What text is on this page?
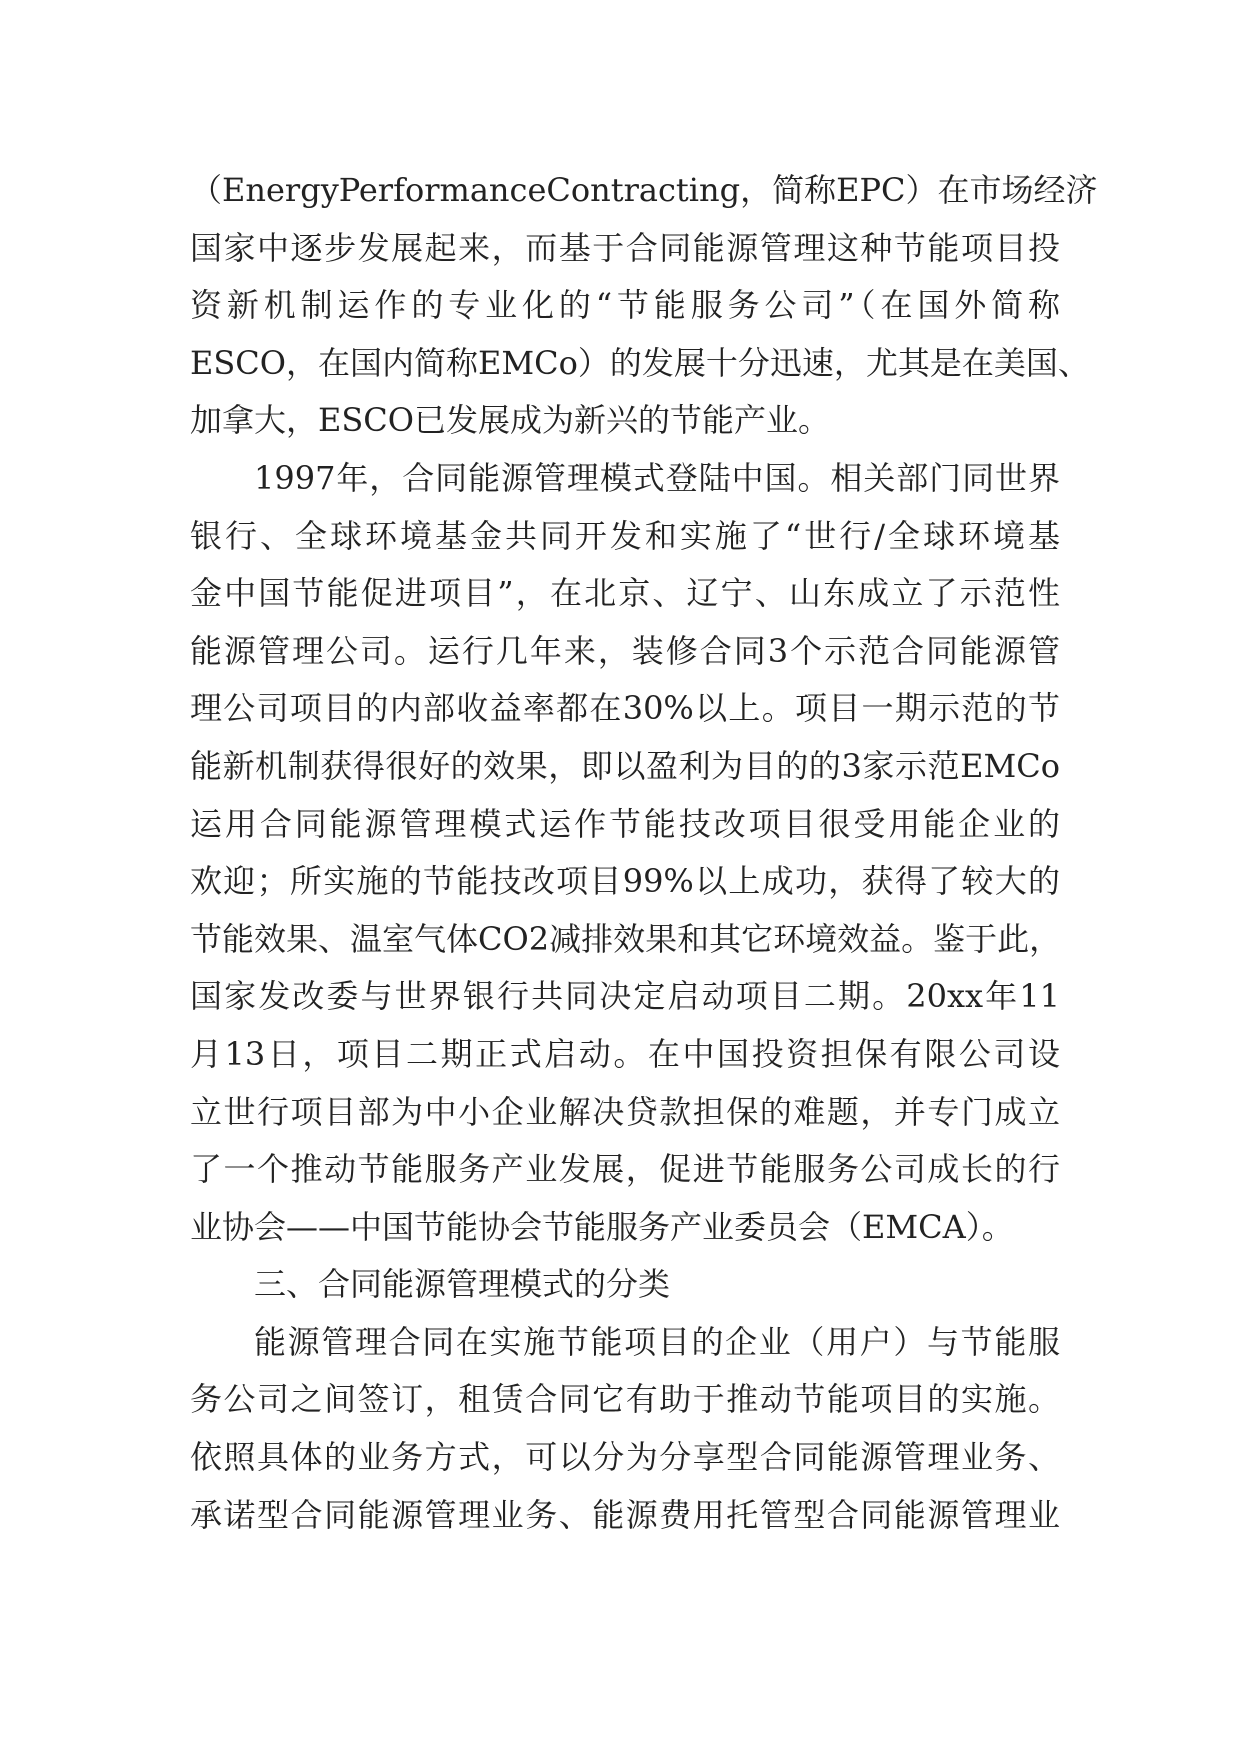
（EnergyPerformanceContracting，简称EPC）在市场经济
国家中逐步发展起来，而基于合同能源管理这种节能项目投
资新机制运作的专业化的“节能服务公司”（在国外简称
ESCO，在国内简称EMCo）的发展十分迅速，尤其是在美国、
加拿大，ESCO已发展成为新兴的节能产业。
1997年，合同能源管理模式登陆中国。相关部门同世界
银行、全球环境基金共同开发和实施了“世行/全球环境基
金中国节能促进项目”，在北京、辽宁、山东成立了示范性
能源管理公司。运行几年来，装修合同3个示范合同能源管
理公司项目的内部收益率都在30%以上。项目一期示范的节
能新机制获得很好的效果，即以盈利为目的的3家示范EMCo
运用合同能源管理模式运作节能技改项目很受用能企业的
欢迎；所实施的节能技改项目99%以上成功，获得了较大的
节能效果、温室气体CO2减排效果和其它环境效益。鉴于此，
国家发改委与世界银行共同决定启动项目二期。20xx年11
月13日，项目二期正式启动。在中国投资担保有限公司设
立世行项目部为中小企业解决贷款担保的难题，并专门成立
了一个推动节能服务产业发展，促进节能服务公司成长的行
业协会——中国节能协会节能服务产业委员会（EMCA）。
三、合同能源管理模式的分类
能源管理合同在实施节能项目的企业（用户）与节能服
务公司之间签订，租赁合同它有助于推动节能项目的实施。
依照具体的业务方式，可以分为分享型合同能源管理业务、
承诺型合同能源管理业务、能源费用托管型合同能源管理业
